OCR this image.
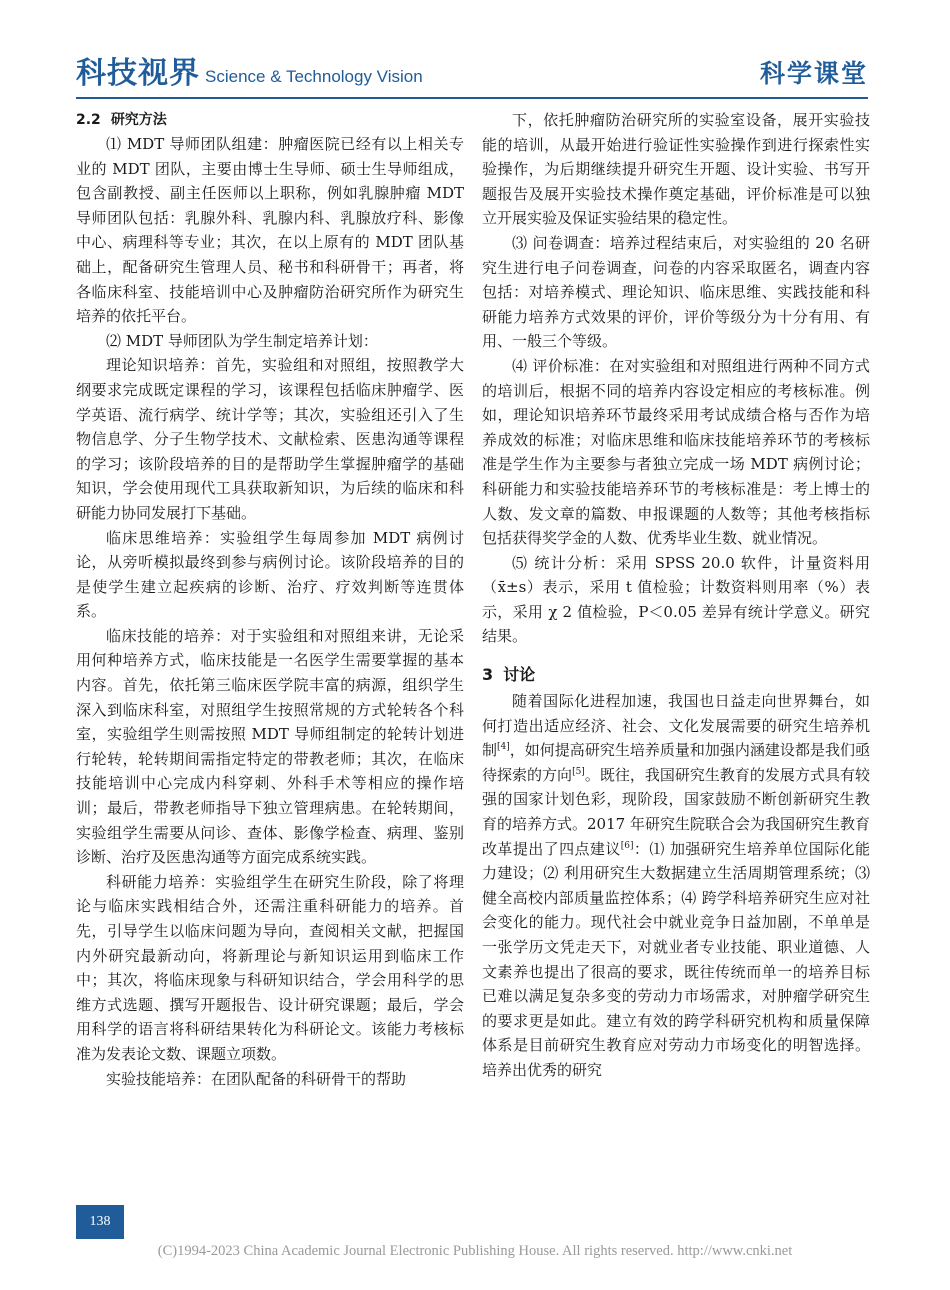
科技视界 Science & Technology Vision	科学课堂
2.2 研究方法

⑴ MDT 导师团队组建：肿瘤医院已经有以上相关专业的 MDT 团队，主要由博士生导师、硕士生导师组成，包含副教授、副主任医师以上职称，例如乳腺肿瘤 MDT 导师团队包括：乳腺外科、乳腺内科、乳腺放疗科、影像中心、病理科等专业；其次，在以上原有的 MDT 团队基础上，配备研究生管理人员、秘书和科研骨干；再者，将各临床科室、技能培训中心及肿瘤防治研究所作为研究生培养的依托平台。

⑵ MDT 导师团队为学生制定培养计划：

理论知识培养：首先，实验组和对照组，按照教学大纲要求完成既定课程的学习，该课程包括临床肿瘤学、医学英语、流行病学、统计学等；其次，实验组还引入了生物信息学、分子生物学技术、文献检索、医患沟通等课程的学习；该阶段培养的目的是帮助学生掌握肿瘤学的基础知识，学会使用现代工具获取新知识，为后续的临床和科研能力协同发展打下基础。

临床思维培养：实验组学生每周参加 MDT 病例讨论，从旁听模拟最终到参与病例讨论。该阶段培养的目的是使学生建立起疾病的诊断、治疗、疗效判断等连贯体系。

临床技能的培养：对于实验组和对照组来讲，无论采用何种培养方式，临床技能是一名医学生需要掌握的基本内容。首先，依托第三临床医学院丰富的病源，组织学生深入到临床科室，对照组学生按照常规的方式轮转各个科室，实验组学生则需按照 MDT 导师组制定的轮转计划进行轮转，轮转期间需指定特定的带教老师；其次，在临床技能培训中心完成内科穿刺、外科手术等相应的操作培训；最后，带教老师指导下独立管理病患。在轮转期间，实验组学生需要从问诊、查体、影像学检查、病理、鉴别诊断、治疗及医患沟通等方面完成系统实践。

科研能力培养：实验组学生在研究生阶段，除了将理论与临床实践相结合外，还需注重科研能力的培养。首先，引导学生以临床问题为导向，查阅相关文献，把握国内外研究最新动向，将新理论与新知识运用到临床工作中；其次，将临床现象与科研知识结合，学会用科学的思维方式选题、撰写开题报告、设计研究课题；最后，学会用科学的语言将科研结果转化为科研论文。该能力考核标准为发表论文数、课题立项数。

实验技能培养：在团队配备的科研骨干的帮助

下，依托肿瘤防治研究所的实验室设备，展开实验技能的培训，从最开始进行验证性实验操作到进行探索性实验操作，为后期继续提升研究生开题、设计实验、书写开题报告及展开实验技术操作奠定基础，评价标准是可以独立开展实验及保证实验结果的稳定性。

⑶ 问卷调查：培养过程结束后，对实验组的 20 名研究生进行电子问卷调查，问卷的内容采取匿名，调查内容包括：对培养模式、理论知识、临床思维、实践技能和科研能力培养方式效果的评价，评价等级分为十分有用、有用、一般三个等级。

⑷ 评价标准：在对实验组和对照组进行两种不同方式的培训后，根据不同的培养内容设定相应的考核标准。例如，理论知识培养环节最终采用考试成绩合格与否作为培养成效的标准；对临床思维和临床技能培养环节的考核标准是学生作为主要参与者独立完成一场 MDT 病例讨论；科研能力和实验技能培养环节的考核标准是：考上博士的人数、发文章的篇数、申报课题的人数等；其他考核指标包括获得奖学金的人数、优秀毕业生数、就业情况。

⑸ 统计分析：采用 SPSS 20.0 软件，计量资料用（x̄±s）表示，采用 t 值检验；计数资料则用率（%）表示，采用 χ 2 值检验，P＜0.05 差异有统计学意义。研究结果。

3 讨论

随着国际化进程加速，我国也日益走向世界舞台，如何打造出适应经济、社会、文化发展需要的研究生培养机制[4]，如何提高研究生培养质量和加强内涵建设都是我们亟待探索的方向[5]。既往，我国研究生教育的发展方式具有较强的国家计划色彩，现阶段，国家鼓励不断创新研究生教育的培养方式。2017 年研究生院联合会为我国研究生教育改革提出了四点建议[6]：⑴ 加强研究生培养单位国际化能力建设；⑵ 利用研究生大数据建立生活周期管理系统；⑶ 健全高校内部质量监控体系；⑷ 跨学科培养研究生应对社会变化的能力。现代社会中就业竞争日益加剧，不单单是一张学历文凭走天下，对就业者专业技能、职业道德、人文素养也提出了很高的要求，既往传统而单一的培养目标已难以满足复杂多变的劳动力市场需求，对肿瘤学研究生的要求更是如此。建立有效的跨学科研究机构和质量保障体系是目前研究生教育应对劳动力市场变化的明智选择。培养出优秀的研究

138
(C)1994-2023 China Academic Journal Electronic Publishing House. All rights reserved. http://www.cnki.net
